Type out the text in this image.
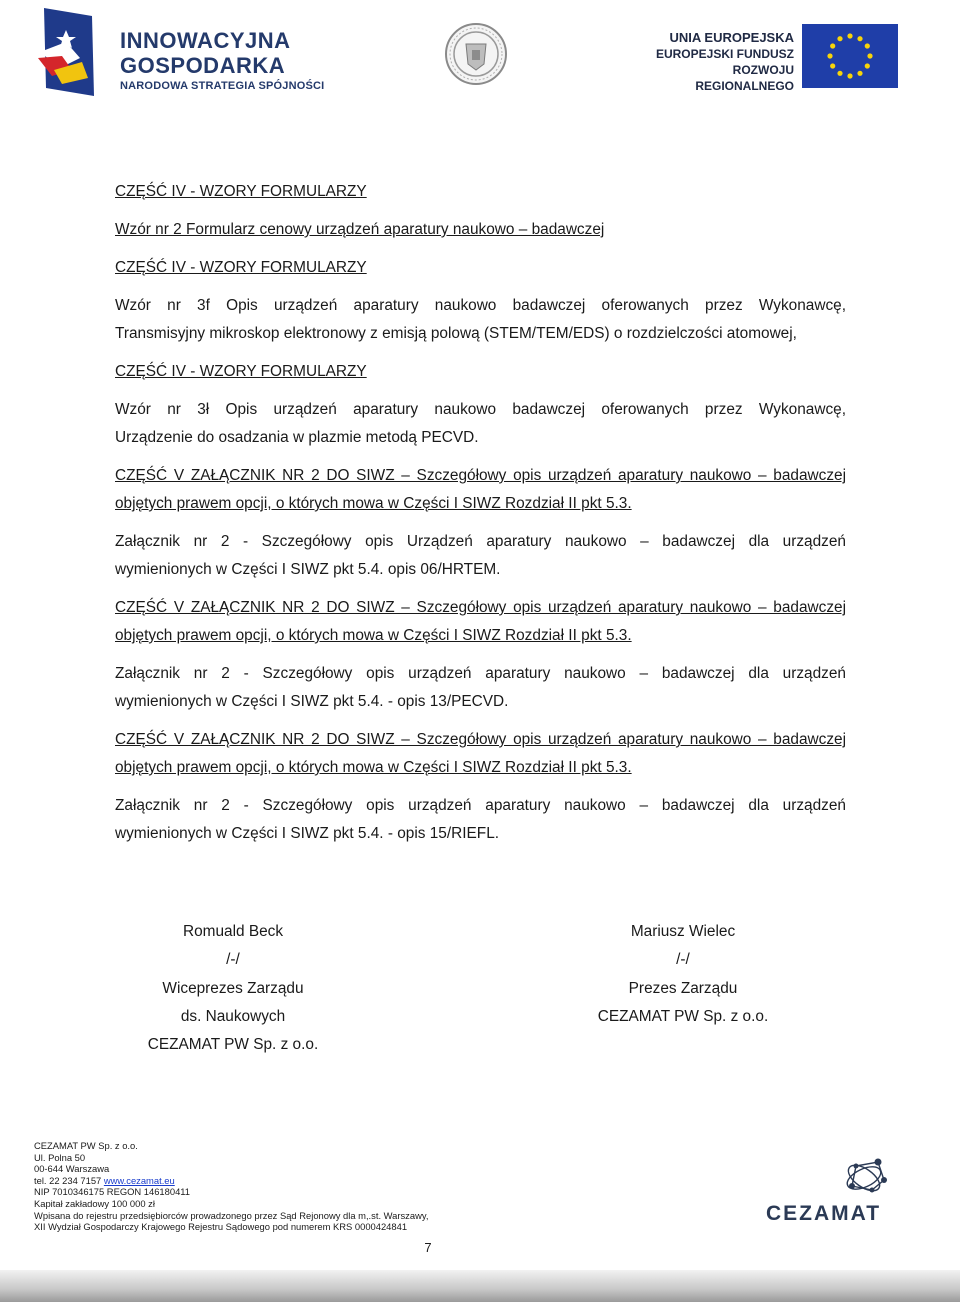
INNOWACYJNA
GOSPODARKA
NARODOWA STRATEGIA SPÓJNOŚCI
UNIA EUROPEJSKA
EUROPEJSKI FUNDUSZ
ROZWOJU REGIONALNEGO
CZĘŚĆ IV - WZORY FORMULARZY
Wzór nr 2 Formularz cenowy urządzeń aparatury naukowo – badawczej
CZĘŚĆ IV - WZORY FORMULARZY
Wzór nr 3f Opis urządzeń aparatury naukowo badawczej oferowanych przez Wykonawcę,
Transmisyjny mikroskop elektronowy z emisją polową (STEM/TEM/EDS) o rozdzielczości atomowej,
CZĘŚĆ IV - WZORY FORMULARZY
Wzór nr 3ł Opis urządzeń aparatury naukowo badawczej oferowanych przez Wykonawcę,
Urządzenie do osadzania w plazmie metodą PECVD.
CZĘŚĆ V ZAŁĄCZNIK NR 2 DO SIWZ – Szczegółowy opis urządzeń aparatury naukowo – badawczej
objętych prawem opcji, o których mowa w Części I SIWZ Rozdział II pkt 5.3.
Załącznik nr 2 - Szczegółowy opis Urządzeń aparatury naukowo – badawczej dla urządzeń
wymienionych w Części I SIWZ pkt 5.4. opis 06/HRTEM.
CZĘŚĆ V ZAŁĄCZNIK NR 2 DO SIWZ – Szczegółowy opis urządzeń aparatury naukowo – badawczej
objętych prawem opcji, o których mowa w Części I SIWZ Rozdział II pkt 5.3.
Załącznik nr 2 - Szczegółowy opis urządzeń aparatury naukowo – badawczej dla urządzeń
wymienionych w Części I SIWZ pkt 5.4. - opis 13/PECVD.
CZĘŚĆ V ZAŁĄCZNIK NR 2 DO SIWZ – Szczegółowy opis urządzeń aparatury naukowo – badawczej
objętych prawem opcji, o których mowa w Części I SIWZ Rozdział II pkt 5.3.
Załącznik nr 2 - Szczegółowy opis urządzeń aparatury naukowo – badawczej dla urządzeń
wymienionych w Części I SIWZ pkt 5.4. - opis 15/RIEFL.
Romuald Beck
/-/
Wiceprezes Zarządu
ds. Naukowych
CEZAMAT PW Sp. z o.o.
Mariusz Wielec
/-/
Prezes Zarządu
CEZAMAT PW Sp. z o.o.
CEZAMAT PW Sp. z o.o.
Ul. Polna 50
00-644 Warszawa
tel. 22 234 7157 www.cezamat.eu
NIP 7010346175 REGON 146180411
Kapitał zakładowy 100 000 zł
Wpisana do rejestru przedsiębiorców prowadzonego przez Sąd Rejonowy dla m,.st. Warszawy,
XII Wydział Gospodarczy Krajowego Rejestru Sądowego pod numerem KRS 0000424841
CEZAMAT
7
